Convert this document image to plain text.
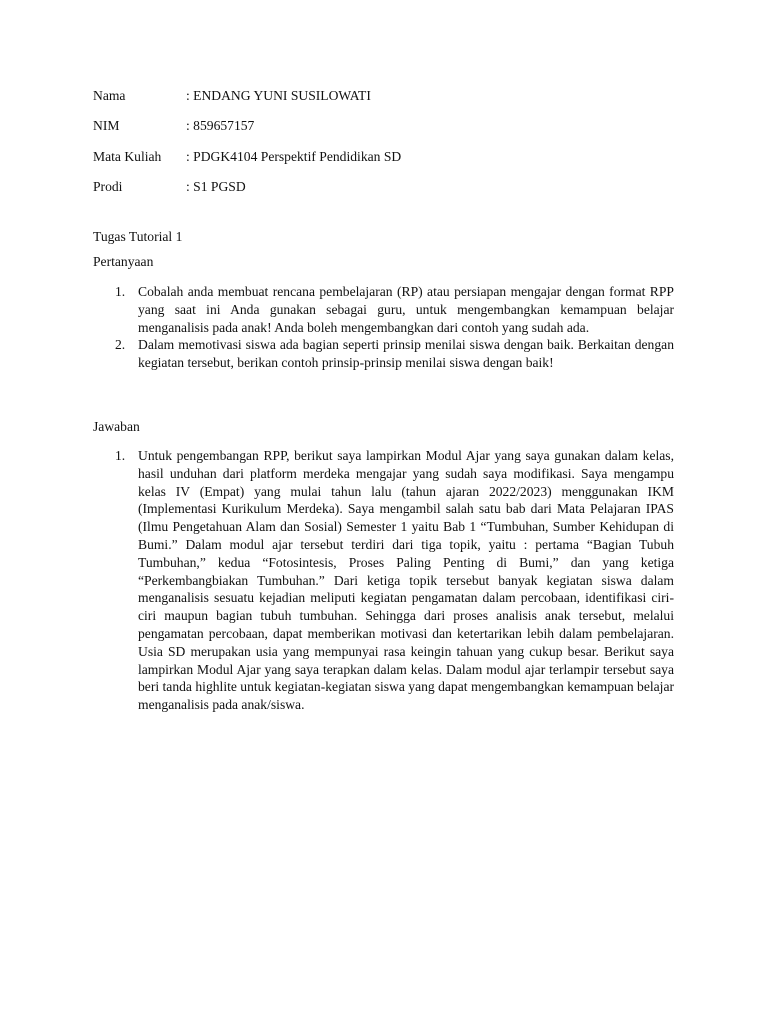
Nama	: ENDANG YUNI SUSILOWATI
NIM	: 859657157
Mata Kuliah	: PDGK4104 Perspektif Pendidikan SD
Prodi	: S1 PGSD
Tugas Tutorial 1
Pertanyaan
1. Cobalah anda membuat rencana pembelajaran (RP) atau persiapan mengajar dengan format RPP yang saat ini Anda gunakan sebagai guru, untuk mengembangkan kemampuan belajar menganalisis pada anak! Anda boleh mengembangkan dari contoh yang sudah ada.
2. Dalam memotivasi siswa ada bagian seperti prinsip menilai siswa dengan baik. Berkaitan dengan kegiatan tersebut, berikan contoh prinsip-prinsip menilai siswa dengan baik!
Jawaban
1. Untuk pengembangan RPP, berikut saya lampirkan Modul Ajar yang saya gunakan dalam kelas, hasil unduhan dari platform merdeka mengajar yang sudah saya modifikasi. Saya mengampu kelas IV (Empat) yang mulai tahun lalu (tahun ajaran 2022/2023) menggunakan IKM (Implementasi Kurikulum Merdeka). Saya mengambil salah satu bab dari Mata Pelajaran IPAS (Ilmu Pengetahuan Alam dan Sosial) Semester 1 yaitu Bab 1 “Tumbuhan, Sumber Kehidupan di Bumi.” Dalam modul ajar tersebut terdiri dari tiga topik, yaitu : pertama “Bagian Tubuh Tumbuhan,” kedua “Fotosintesis, Proses Paling Penting di Bumi,” dan yang ketiga “Perkembangbiakan Tumbuhan.” Dari ketiga topik tersebut banyak kegiatan siswa dalam menganalisis sesuatu kejadian meliputi kegiatan pengamatan dalam percobaan, identifikasi ciri-ciri maupun bagian tubuh tumbuhan. Sehingga dari proses analisis anak tersebut, melalui pengamatan percobaan, dapat memberikan motivasi dan ketertarikan lebih dalam pembelajaran. Usia SD merupakan usia yang mempunyai rasa keingin tahuan yang cukup besar. Berikut saya lampirkan Modul Ajar yang saya terapkan dalam kelas. Dalam modul ajar terlampir tersebut saya beri tanda highlite untuk kegiatan-kegiatan siswa yang dapat mengembangkan kemampuan belajar menganalisis pada anak/siswa.
